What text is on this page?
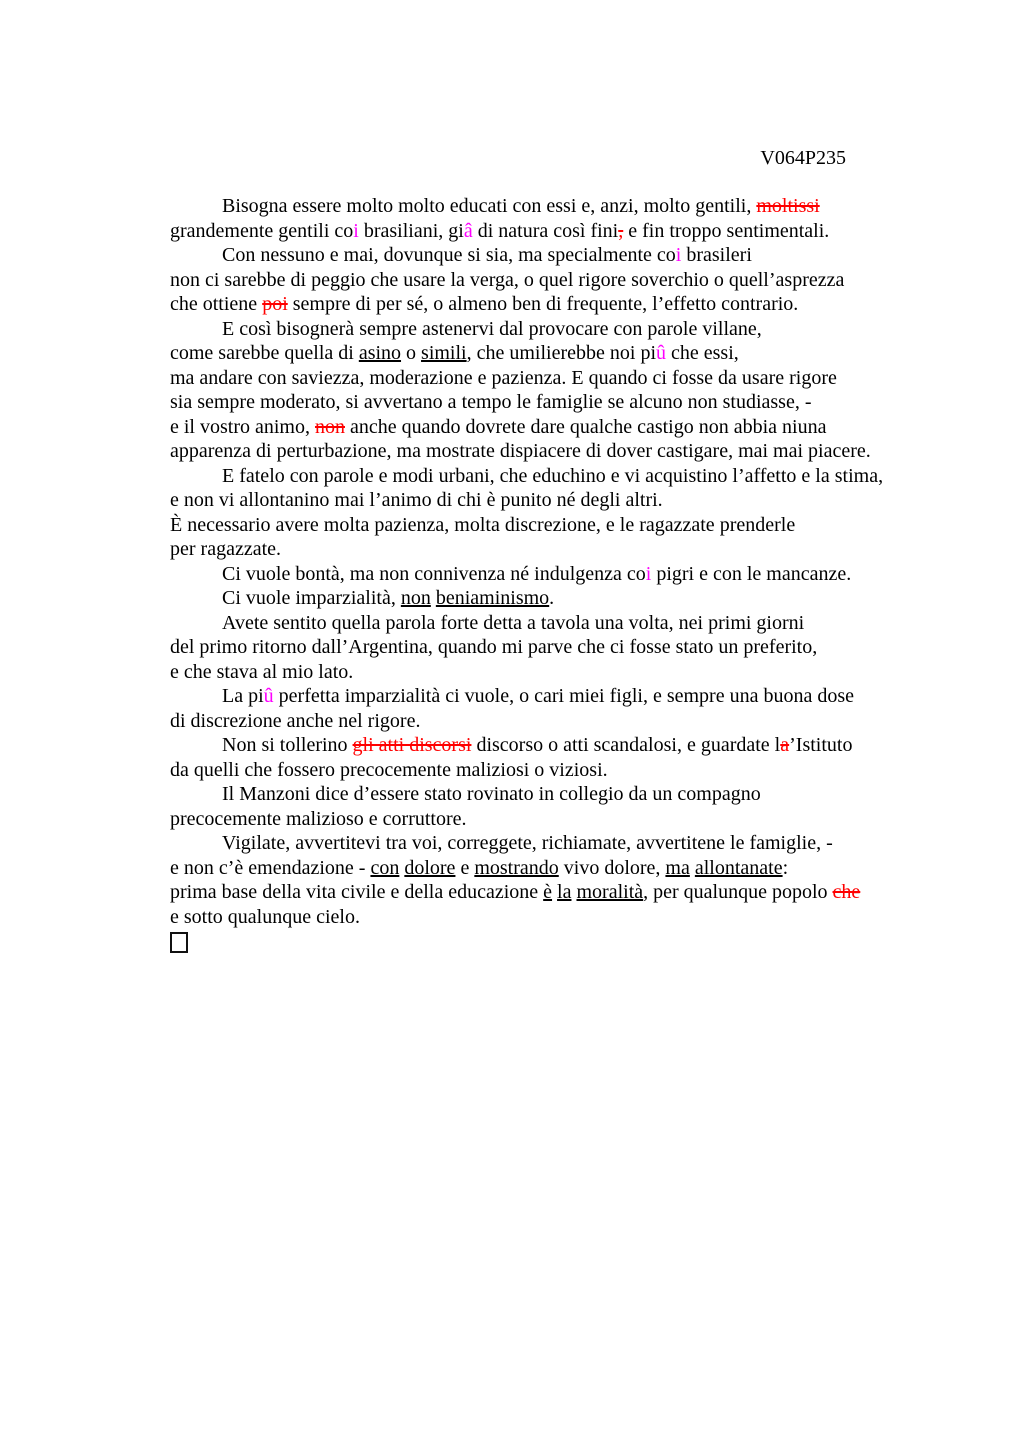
V064P235
Bisogna essere molto molto educati con essi e, anzi, molto gentili, moltissi
grandemente gentili coi brasiliani, giâ di natura così fini, e fin troppo sentimentali.
Con nessuno e mai, dovunque si sia, ma specialmente coi brasileri
non ci sarebbe di peggio che usare la verga, o quel rigore soverchio o quell’asprezza
che ottiene poi sempre di per sé, o almeno ben di frequente, l’effetto contrario.
E così bisognerà sempre astenervi dal provocare con parole villane,
come sarebbe quella di asino o simili, che umilierebbe noi piû che essi,
ma andare con saviezza, moderazione e pazienza. E quando ci fosse da usare rigore
sia sempre moderato, si avvertano a tempo le famiglie se alcuno non studiasse, -
e il vostro animo, non anche quando dovrete dare qualche castigo non abbia niuna
apparenza di perturbazione, ma mostrate dispiacere di dover castigare, mai mai piacere.
E fatelo con parole e modi urbani, che educhino e vi acquistino l’affetto e la stima,
e non vi allontanino mai l’animo di chi è punito né degli altri.
È necessario avere molta pazienza, molta discrezione, e le ragazzate prenderle
per ragazzate.
Ci vuole bontà, ma non connivenza né indulgenza coi pigri e con le mancanze.
Ci vuole imparzialità, non beniaminismo.
Avete sentito quella parola forte detta a tavola una volta, nei primi giorni
del primo ritorno dall’Argentina, quando mi parve che ci fosse stato un preferito,
e che stava al mio lato.
La piû perfetta imparzialità ci vuole, o cari miei figli, e sempre una buona dose
di discrezione anche nel rigore.
Non si tollerino gli atti discorsi discorso o atti scandalosi, e guardate la’Istituto
da quelli che fossero precocemente maliziosi o viziosi.
Il Manzoni dice d’essere stato rovinato in collegio da un compagno
precocemente malizioso e corruttore.
Vigilate, avvertitevi tra voi, correggete, richiamate, avvertitene le famiglie, -
e non c’è emendazione - con dolore e mostrando vivo dolore, ma allontanate:
prima base della vita civile e della educazione è la moralità, per qualunque popolo che
e sotto qualunque cielo.
